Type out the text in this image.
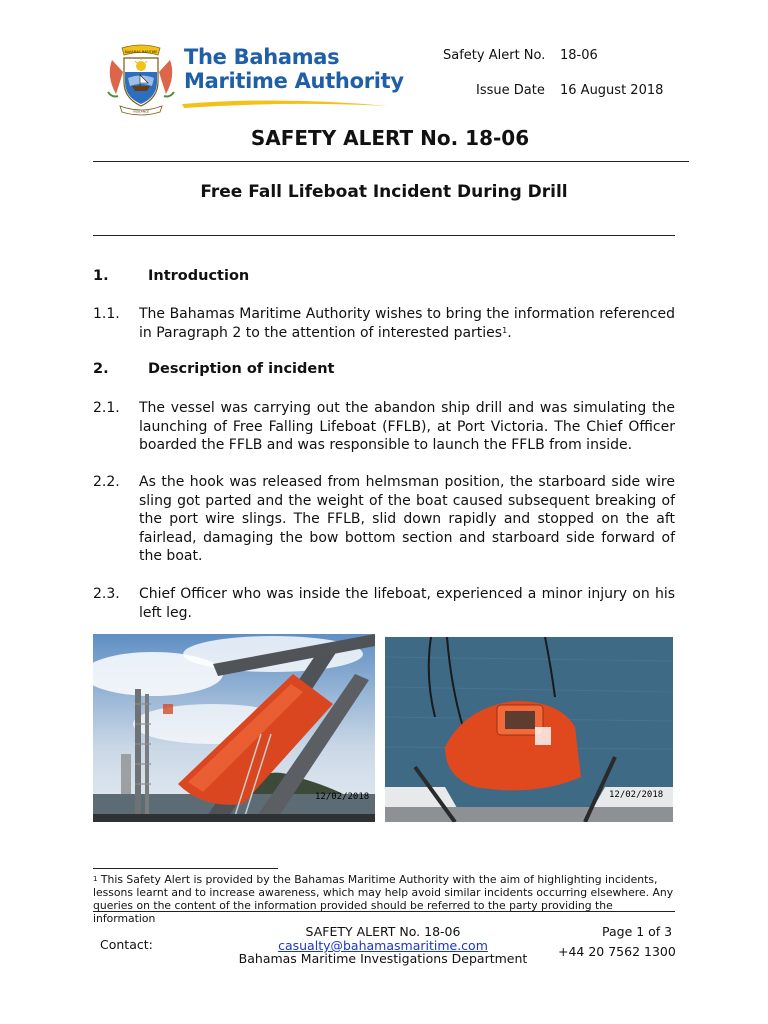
BAHAMAS MARITIME
VIGILANCE
The Bahamas
Maritime Authority
Safety Alert No. 18-06
Issue Date 16 August 2018
SAFETY ALERT No. 18-06
Free Fall Lifeboat Incident During Drill
1.	Introduction
1.1. The Bahamas Maritime Authority wishes to bring the information referenced in Paragraph 2 to the attention of interested parties$^1$.
2.	Description of incident
2.1. The vessel was carrying out the abandon ship drill and was simulating the launching of Free Falling Lifeboat (FFLB), at Port Victoria. The Chief Officer boarded the FFLB and was responsible to launch the FFLB from inside.
2.2. As the hook was released from helmsman position, the starboard side wire sling got parted and the weight of the boat caused subsequent breaking of the port wire slings. The FFLB, slid down rapidly and stopped on the aft fairlead, damaging the bow bottom section and starboard side forward of the boat.
2.3. Chief Officer who was inside the lifeboat, experienced a minor injury on his left leg.
12/02/2018	12/02/2018
$^1$ This Safety Alert is provided by the Bahamas Maritime Authority with the aim of highlighting incidents, lessons learnt and to increase awareness, which may help avoid similar incidents occurring elsewhere. Any queries on the content of the information provided should be referred to the party providing the information
Contact:
SAFETY ALERT No. 18-06
casualty@bahamasmaritime.com
Bahamas Maritime Investigations Department
Page 1 of 3
+44 20 7562 1300
